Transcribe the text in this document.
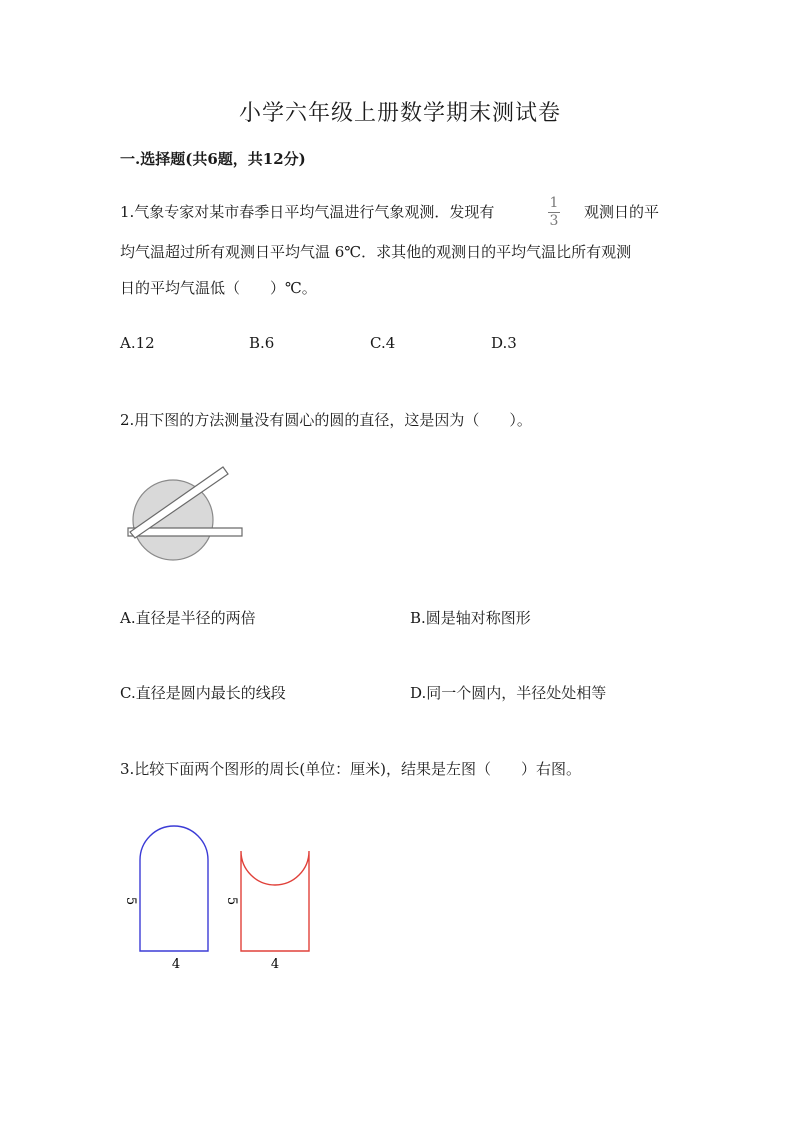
小学六年级上册数学期末测试卷
一.选择题(共6题，共12分)
1.气象专家对某市春季日平均气温进行气象观测．发现有	1
3	观测日的平
均气温超过所有观测日平均气温 6℃．求其他的观测日的平均气温比所有观测
日的平均气温低（　　）℃。
A.12	B.6	C.4	D.3
2.用下图的方法测量没有圆心的圆的直径，这是因为（　　）。
A.直径是半径的两倍	B.圆是轴对称图形
C.直径是圆内最长的线段	D.同一个圆内，半径处处相等
3.比较下面两个图形的周长(单位：厘米)，结果是左图（　　）右图。
5
4
5
4
